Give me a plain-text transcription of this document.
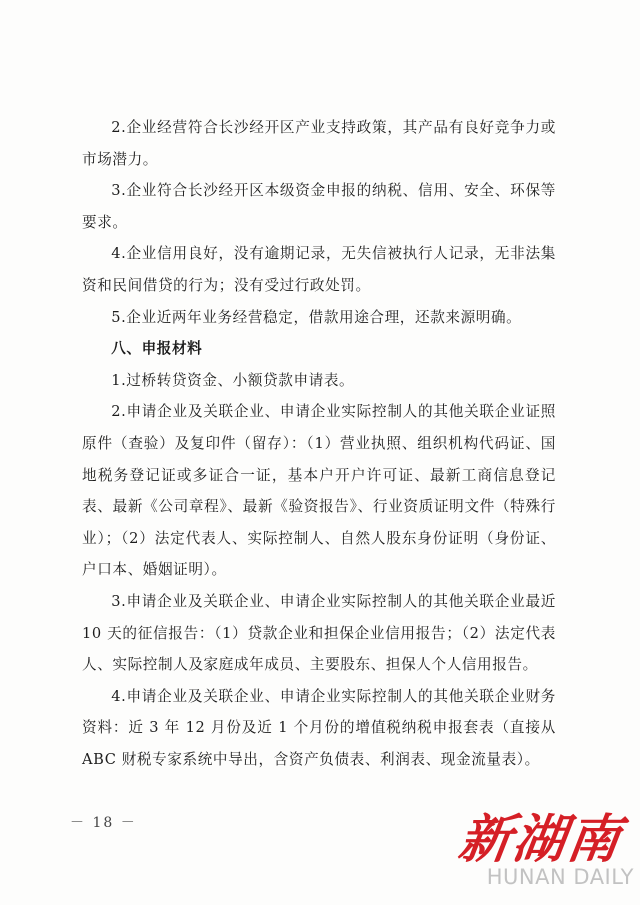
2.企业经营符合长沙经开区产业支持政策，其产品有良好竞争力或市场潜力。

3.企业符合长沙经开区本级资金申报的纳税、信用、安全、环保等要求。

4.企业信用良好，没有逾期记录，无失信被执行人记录，无非法集资和民间借贷的行为；没有受过行政处罚。

5.企业近两年业务经营稳定，借款用途合理，还款来源明确。

八、申报材料

1.过桥转贷资金、小额贷款申请表。

2.申请企业及关联企业、申请企业实际控制人的其他关联企业证照原件（查验）及复印件（留存）：（1）营业执照、组织机构代码证、国地税务登记证或多证合一证，基本户开户许可证、最新工商信息登记表、最新《公司章程》、最新《验资报告》、行业资质证明文件（特殊行业）；（2）法定代表人、实际控制人、自然人股东身份证明（身份证、户口本、婚姻证明）。

3.申请企业及关联企业、申请企业实际控制人的其他关联企业最近 10 天的征信报告：（1）贷款企业和担保企业信用报告；（2）法定代表人、实际控制人及家庭成年成员、主要股东、担保人个人信用报告。

4.申请企业及关联企业、申请企业实际控制人的其他关联企业财务资料：近 3 年 12 月份及近 1 个月份的增值税纳税申报套表（直接从 ABC 财税专家系统中导出，含资产负债表、利润表、现金流量表）。

－ 18 －	新湖南
HUNAN DAILY
